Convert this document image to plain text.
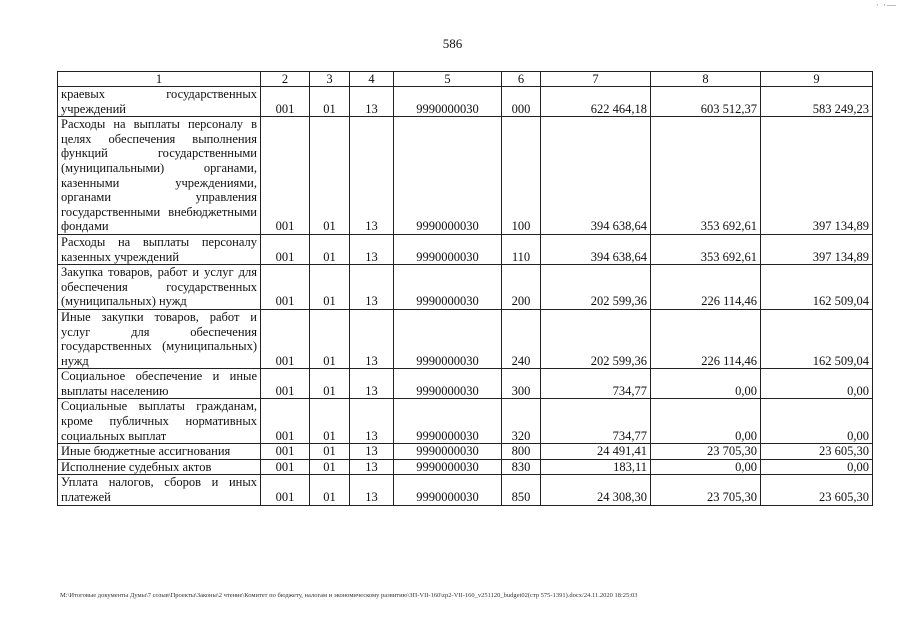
· ·—
586
1	2	3	4	5	6	7	8	9
краевых государственных учреждений	001	01	13	9990000030	000	622 464,18	603 512,37	583 249,23
Расходы на выплаты персоналу в целях обеспечения выполнения функций государственными (муниципальными) органами, казенными учреждениями, органами управления государственными внебюджетными фондами	001	01	13	9990000030	100	394 638,64	353 692,61	397 134,89
Расходы на выплаты персоналу казенных учреждений	001	01	13	9990000030	110	394 638,64	353 692,61	397 134,89
Закупка товаров, работ и услуг для обеспечения государственных (муниципальных) нужд	001	01	13	9990000030	200	202 599,36	226 114,46	162 509,04
Иные закупки товаров, работ и услуг для обеспечения государственных (муниципальных) нужд	001	01	13	9990000030	240	202 599,36	226 114,46	162 509,04
Социальное обеспечение и иные выплаты населению	001	01	13	9990000030	300	734,77	0,00	0,00
Социальные выплаты гражданам, кроме публичных нормативных социальных выплат	001	01	13	9990000030	320	734,77	0,00	0,00
Иные бюджетные ассигнования	001	01	13	9990000030	800	24 491,41	23 705,30	23 605,30
Исполнение судебных актов	001	01	13	9990000030	830	183,11	0,00	0,00
Уплата налогов, сборов и иных платежей	001	01	13	9990000030	850	24 308,30	23 705,30	23 605,30
М:\Итоговые документы Думы\7 созыв\Проекты\Законы\2 чтение\Комитет по бюджету, налогам и экономическому развитию\ЗП-VII-160\zp2-VII-160_v251120_budget02(стр 575-1391).docx/24.11.2020 18:25:03
